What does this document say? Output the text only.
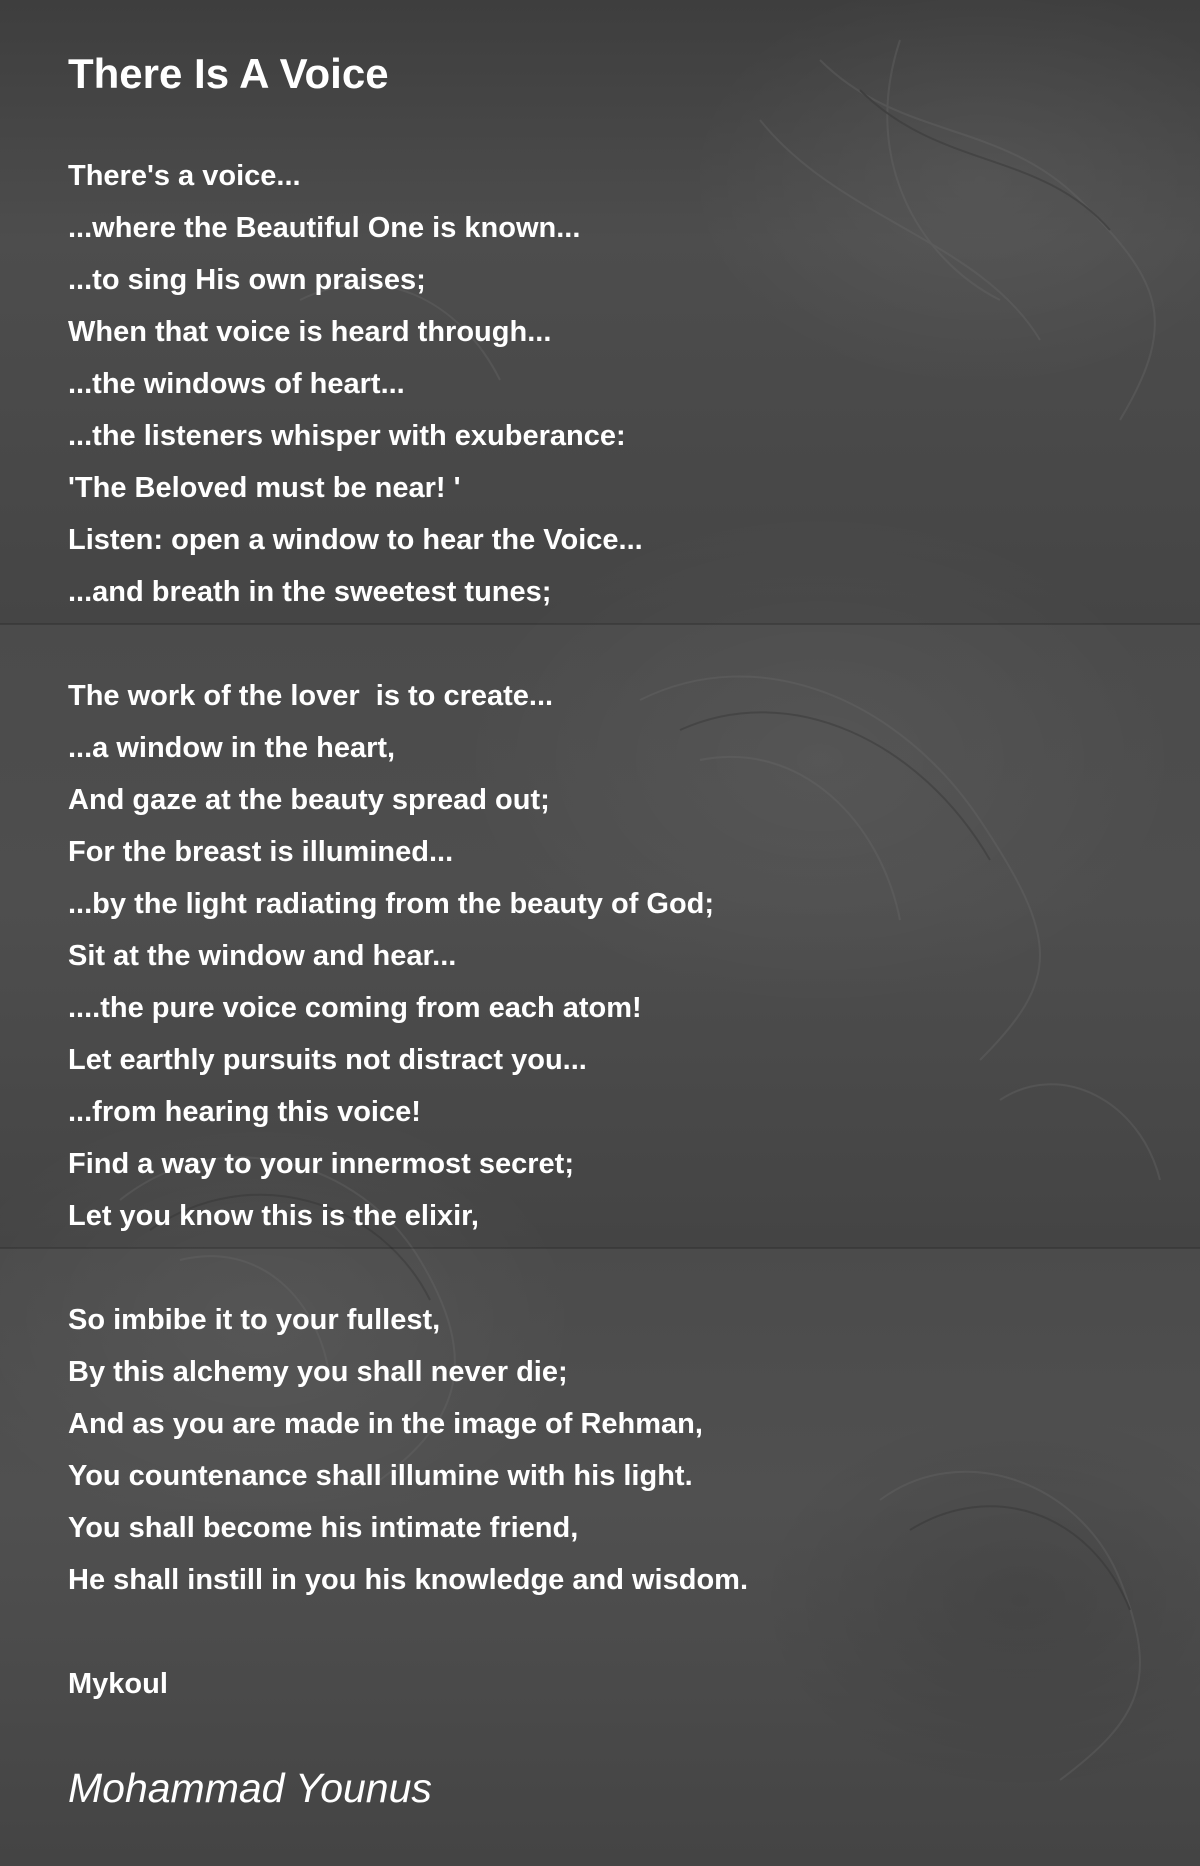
There Is A Voice
There's a voice...
...where the Beautiful One is known...
...to sing His own praises;
When that voice is heard through...
...the windows of heart...
...the listeners whisper with exuberance:
'The Beloved must be near! '
Listen: open a window to hear the Voice...
...and breath in the sweetest tunes;
The work of the lover  is to create...
...a window in the heart,
And gaze at the beauty spread out;
For the breast is illumined...
...by the light radiating from the beauty of God;
Sit at the window and hear...
....the pure voice coming from each atom!
Let earthly pursuits not distract you...
...from hearing this voice!
Find a way to your innermost secret;
Let you know this is the elixir,
So imbibe it to your fullest,
By this alchemy you shall never die;
And as you are made in the image of Rehman,
You countenance shall illumine with his light.
You shall become his intimate friend,
He shall instill in you his knowledge and wisdom.
Mykoul

Mohammad Younus
